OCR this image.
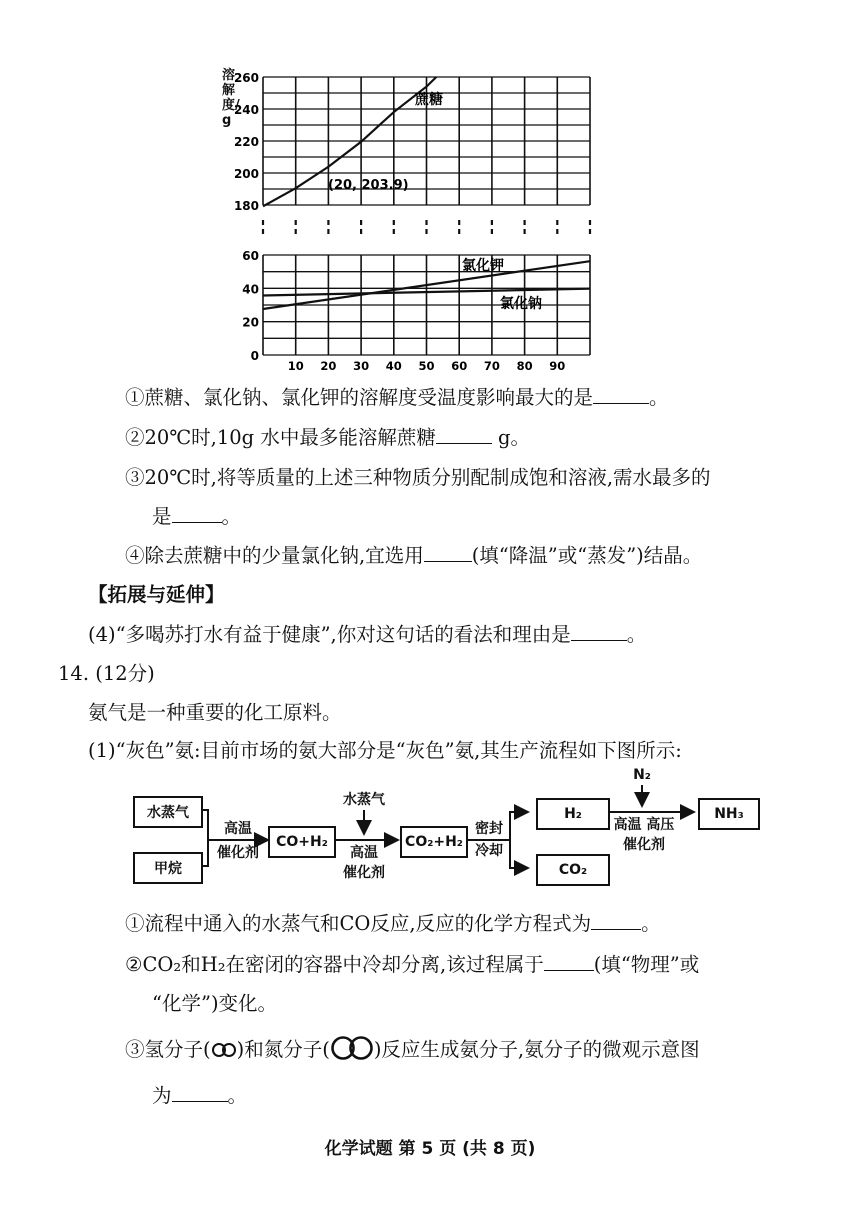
260
240
220
200
180
60
40
20
0
10 20 30 40 50 60 70 80 90
蔗糖
氯化钾
氯化钠
(20, 203.9)
溶解度/g
①蔗糖、氯化钠、氯化钾的溶解度受温度影响最大的是	。
②20℃时,10g 水中最多能溶解蔗糖	g。
③20℃时,将等质量的上述三种物质分别配制成饱和溶液,需水最多的
是	。
④除去蔗糖中的少量氯化钠,宜选用 (填“降温”或“蒸发”)结晶。
【拓展与延伸】
(4)“多喝苏打水有益于健康”,你对这句话的看法和理由是	。
14. (12分)
氨气是一种重要的化工原料。
(1)“灰色”氨:目前市场的氨大部分是“灰色”氨,其生产流程如下图所示:
水蒸气
甲烷
CO+H₂	CO₂+H₂
H₂
CO₂
NH₃
高温
催化剂
水蒸气
高温
催化剂
密封
冷却
N₂
高温 高压
催化剂
①流程中通入的水蒸气和CO反应,反应的化学方程式为	。
②CO₂和H₂在密闭的容器中冷却分离,该过程属于	(填“物理”或
“化学”)变化。
③氢分子( )和氮分子( )反应生成氨分子,氨分子的微观示意图
为	。
化学试题 第 5 页 (共 8 页)
